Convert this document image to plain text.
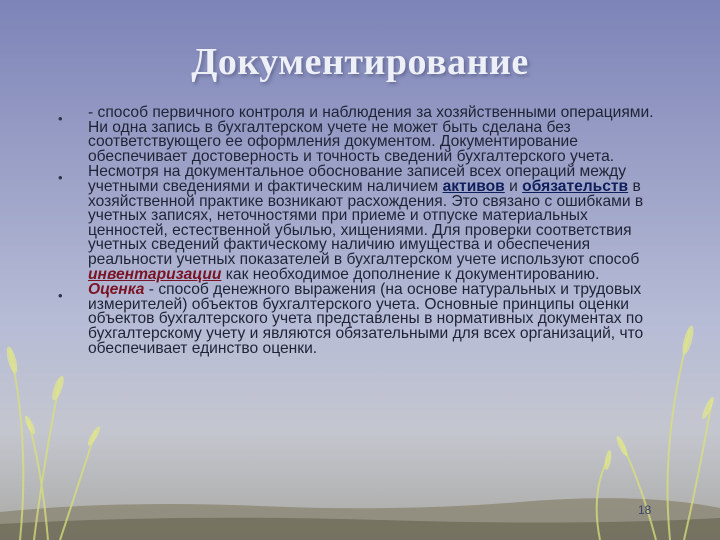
Документирование
• - способ первичного контроля и наблюдения за хозяйственными операциями. Ни одна запись в бухгалтерском учете не может быть сделана без соответствующего ее оформления документом. Документирование обеспечивает достоверность и точность сведений бухгалтерского учета.
• Несмотря на документальное обоснование записей всех операций между учетными сведениями и фактическим наличием активов и обязательств в хозяйственной практике возникают расхождения. Это связано с ошибками в учетных записях, неточностями при приеме и отпуске материальных ценностей, естественной убылью, хищениями. Для проверки соответствия учетных сведений фактическому наличию имущества и обеспечения реальности учетных показателей в бухгалтерском учете используют способ инвентаризации как необходимое дополнение к документированию.
• Оценка - способ денежного выражения (на основе натуральных и трудовых измерителей) объектов бухгалтерского учета. Основные принципы оценки объектов бухгалтерского учета представлены в нормативных документах по бухгалтерскому учету и являются обязательными для всех организаций, что обеспечивает единство оценки.
18
